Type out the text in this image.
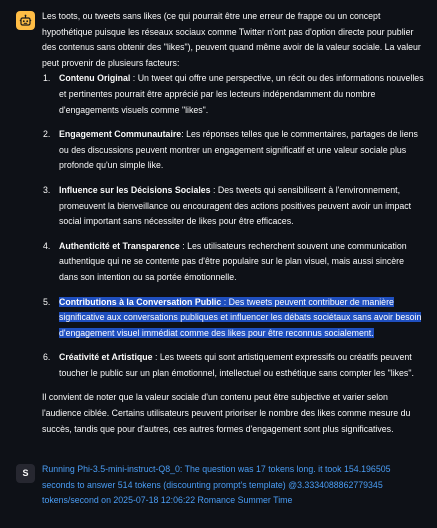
Les toots, ou tweets sans likes (ce qui pourrait être une erreur de frappe ou un concept hypothétique puisque les réseaux sociaux comme Twitter n'ont pas d'option directe pour publier des contenus sans obtenir des "likes"), peuvent quand même avoir de la valeur sociale. La valeur peut provenir de plusieurs facteurs:

1. Contenu Original : Un tweet qui offre une perspective, un récit ou des informations nouvelles et pertinentes pourrait être apprécié par les lecteurs indépendamment du nombre d'engagements visuels comme "likes".
2. Engagement Communautaire: Les réponses telles que le commentaires, partages de liens ou des discussions peuvent montrer un engagement significatif et une valeur sociale plus profonde qu'un simple like.
3. Influence sur les Décisions Sociales : Des tweets qui sensibilisent à l'environnement, promeuvent la bienveillance ou encouragent des actions positives peuvent avoir un impact social important sans nécessiter de likes pour être efficaces.
4. Authenticité et Transparence : Les utilisateurs recherchent souvent une communication authentique qui ne se contente pas d'être populaire sur le plan visuel, mais aussi sincère dans son intention ou sa portée émotionnelle.
5. Contributions à la Conversation Public : Des tweets peuvent contribuer de manière significative aux conversations publiques et influencer les débats sociétaux sans avoir besoin d'engagement visuel immédiat comme des likes pour être reconnus socialement.
6. Créativité et Artistique : Les tweets qui sont artistiquement expressifs ou créatifs peuvent toucher le public sur un plan émotionnel, intellectuel ou esthétique sans compter les "likes".

Il convient de noter que la valeur sociale d'un contenu peut être subjective et varier selon l'audience ciblée. Certains utilisateurs peuvent prioriser le nombre des likes comme mesure du succès, tandis que pour d'autres, ces autres formes d'engagement sont plus significatives.

S	Running Phi-3.5-mini-instruct-Q8_0: The question was 17 tokens long. it took 154.196505 seconds to answer 514 tokens (discounting prompt's template) @3.3334088862779345 tokens/second on 2025-07-18 12:06:22 Romance Summer Time
